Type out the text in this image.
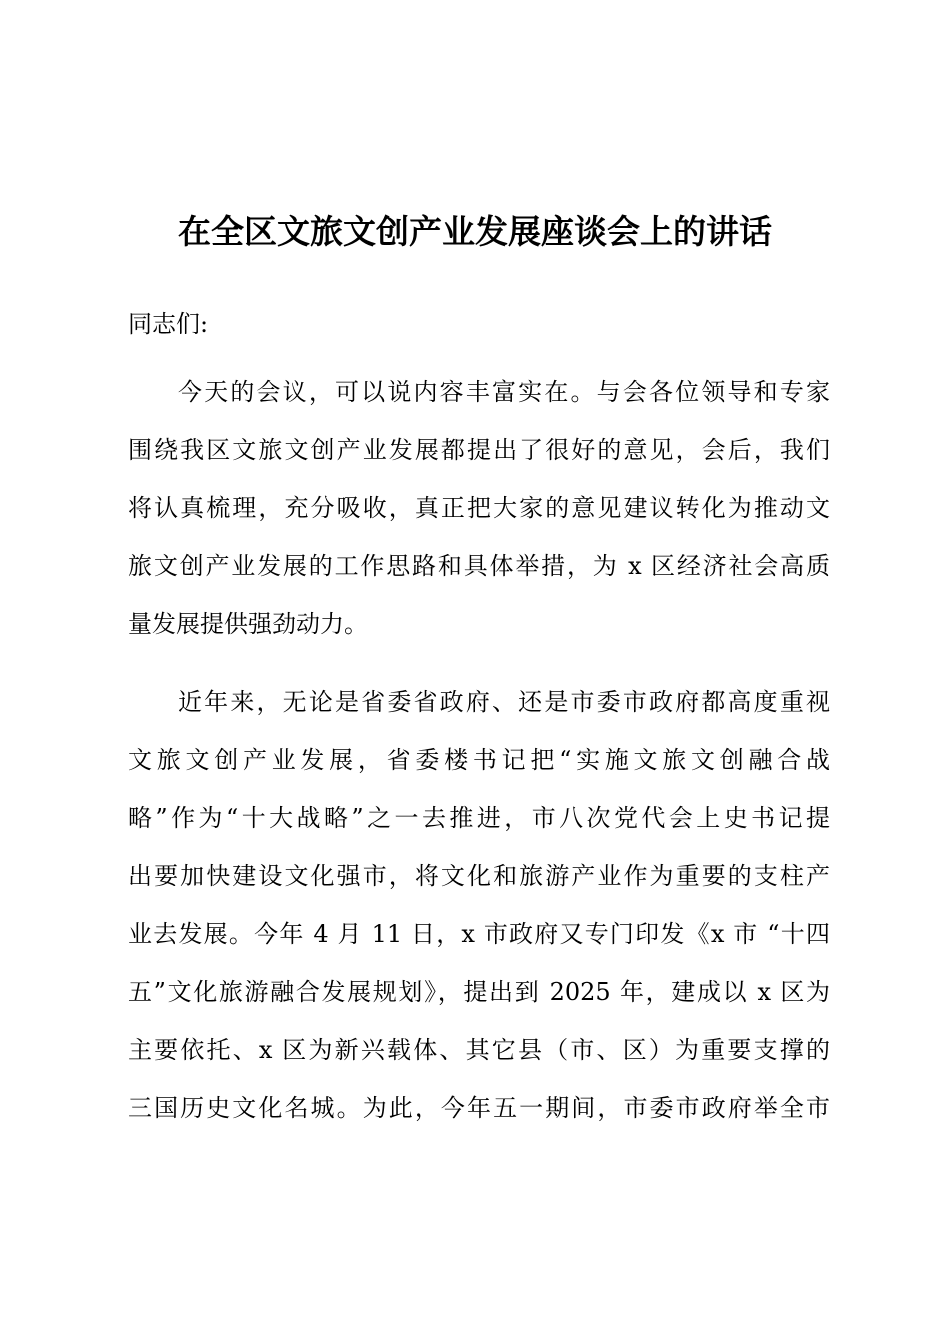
在全区文旅文创产业发展座谈会上的讲话
同志们:
今天的会议，可以说内容丰富实在。与会各位领导和专家
围绕我区文旅文创产业发展都提出了很好的意见，会后，我们
将认真梳理，充分吸收，真正把大家的意见建议转化为推动文
旅文创产业发展的工作思路和具体举措，为 x 区经济社会高质
量发展提供强劲动力。
近年来，无论是省委省政府、还是市委市政府都高度重视
文旅文创产业发展，省委楼书记把“实施文旅文创融合战
略”作为“十大战略”之一去推进，市八次党代会上史书记提
出要加快建设文化强市，将文化和旅游产业作为重要的支柱产
业去发展。今年 4 月 11 日，x 市政府又专门印发《x 市 “十四
五”文化旅游融合发展规划》，提出到 2025 年，建成以 x 区为
主要依托、x 区为新兴载体、其它县（市、区）为重要支撑的
三国历史文化名城。为此，今年五一期间，市委市政府举全市
